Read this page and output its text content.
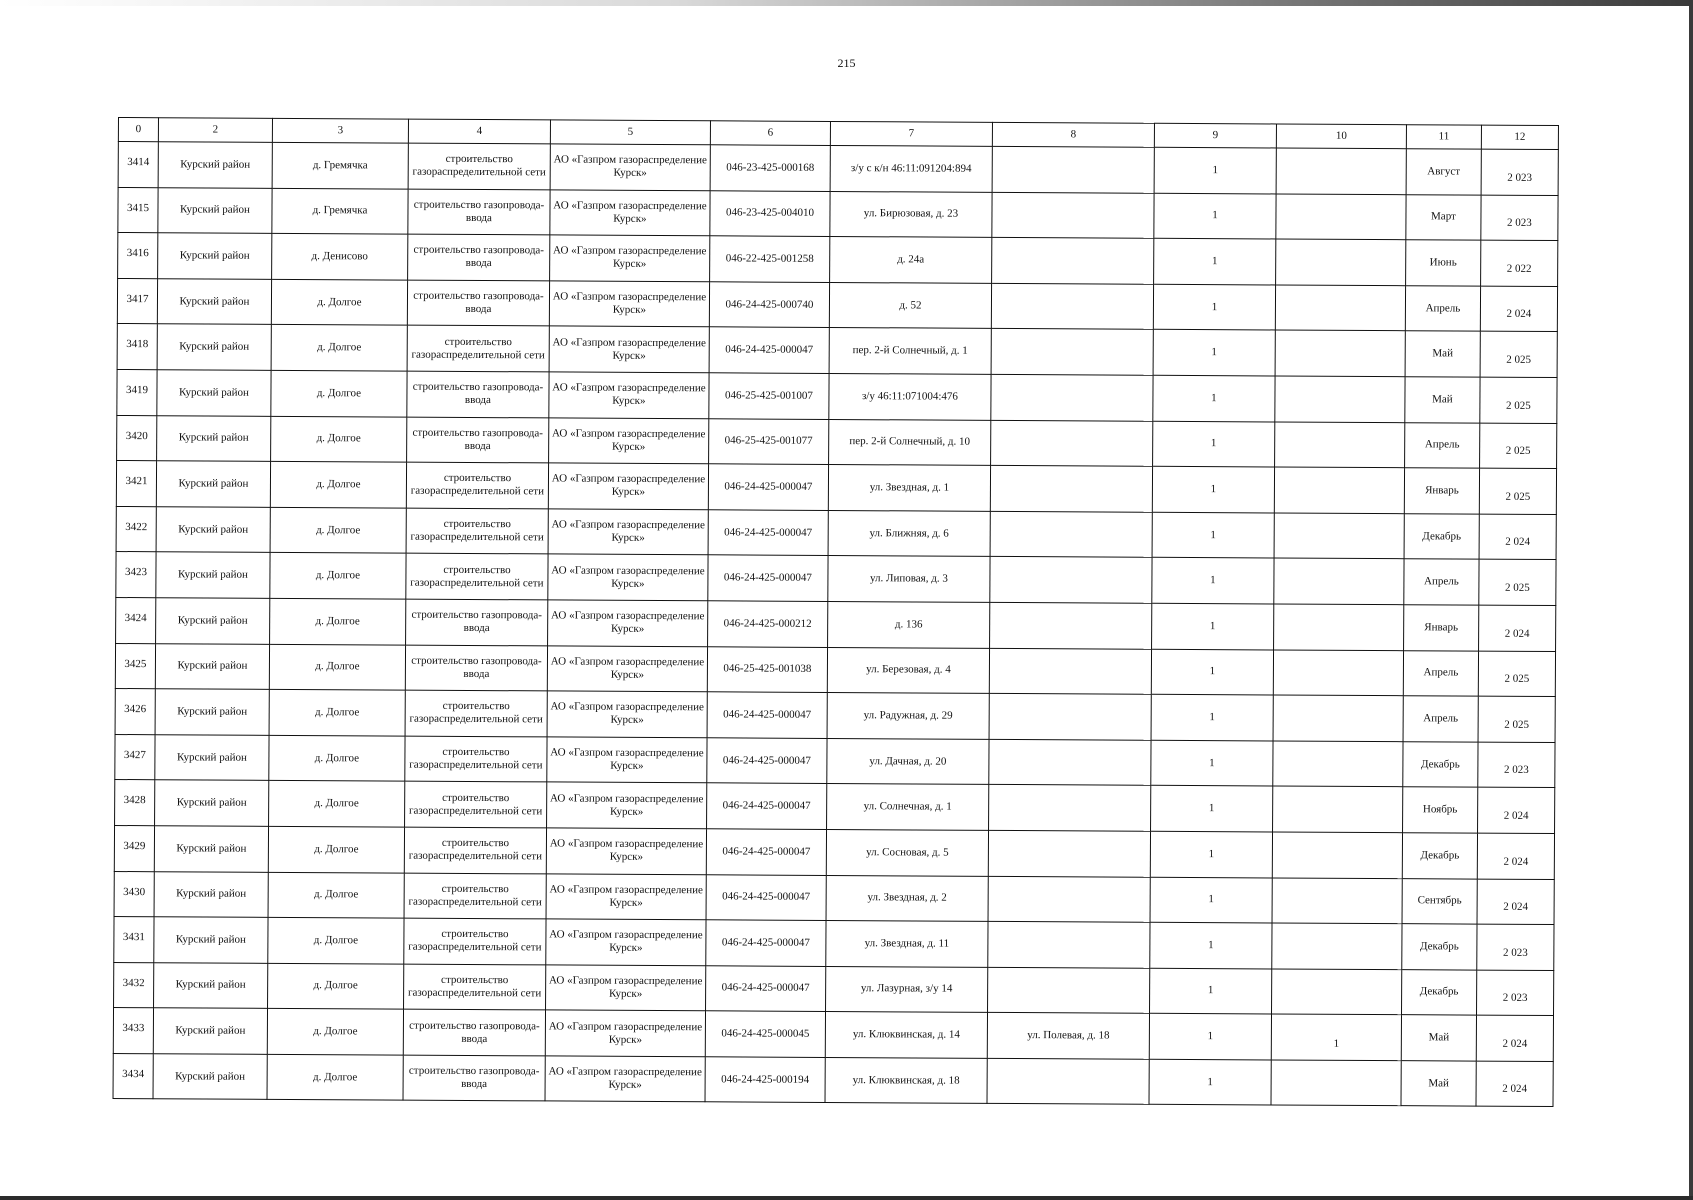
215
0	2	3	4	5	6	7	8	9	10	11	12
3414	Курский район	д. Гремячка	строительство газораспределительной сети	АО «Газпром газораспределение Курск»	046-23-425-000168	з/у с к/н 46:11:091204:894		1		Август	2 023
3415	Курский район	д. Гремячка	строительство газопровода-ввода	АО «Газпром газораспределение Курск»	046-23-425-004010	ул. Бирюзовая, д. 23		1		Март	2 023
3416	Курский район	д. Денисово	строительство газопровода-ввода	АО «Газпром газораспределение Курск»	046-22-425-001258	д. 24а		1		Июнь	2 022
3417	Курский район	д. Долгое	строительство газопровода-ввода	АО «Газпром газораспределение Курск»	046-24-425-000740	д. 52		1		Апрель	2 024
3418	Курский район	д. Долгое	строительство газораспределительной сети	АО «Газпром газораспределение Курск»	046-24-425-000047	пер. 2-й Солнечный, д. 1		1		Май	2 025
3419	Курский район	д. Долгое	строительство газопровода-ввода	АО «Газпром газораспределение Курск»	046-25-425-001007	з/у 46:11:071004:476		1		Май	2 025
3420	Курский район	д. Долгое	строительство газопровода-ввода	АО «Газпром газораспределение Курск»	046-25-425-001077	пер. 2-й Солнечный, д. 10		1		Апрель	2 025
3421	Курский район	д. Долгое	строительство газораспределительной сети	АО «Газпром газораспределение Курск»	046-24-425-000047	ул. Звездная, д. 1		1		Январь	2 025
3422	Курский район	д. Долгое	строительство газораспределительной сети	АО «Газпром газораспределение Курск»	046-24-425-000047	ул. Ближняя, д. 6		1		Декабрь	2 024
3423	Курский район	д. Долгое	строительство газораспределительной сети	АО «Газпром газораспределение Курск»	046-24-425-000047	ул. Липовая, д. 3		1		Апрель	2 025
3424	Курский район	д. Долгое	строительство газопровода-ввода	АО «Газпром газораспределение Курск»	046-24-425-000212	д. 136		1		Январь	2 024
3425	Курский район	д. Долгое	строительство газопровода-ввода	АО «Газпром газораспределение Курск»	046-25-425-001038	ул. Березовая, д. 4		1		Апрель	2 025
3426	Курский район	д. Долгое	строительство газораспределительной сети	АО «Газпром газораспределение Курск»	046-24-425-000047	ул. Радужная, д. 29		1		Апрель	2 025
3427	Курский район	д. Долгое	строительство газораспределительной сети	АО «Газпром газораспределение Курск»	046-24-425-000047	ул. Дачная, д. 20		1		Декабрь	2 023
3428	Курский район	д. Долгое	строительство газораспределительной сети	АО «Газпром газораспределение Курск»	046-24-425-000047	ул. Солнечная, д. 1		1		Ноябрь	2 024
3429	Курский район	д. Долгое	строительство газораспределительной сети	АО «Газпром газораспределение Курск»	046-24-425-000047	ул. Сосновая, д. 5		1		Декабрь	2 024
3430	Курский район	д. Долгое	строительство газораспределительной сети	АО «Газпром газораспределение Курск»	046-24-425-000047	ул. Звездная, д. 2		1		Сентябрь	2 024
3431	Курский район	д. Долгое	строительство газораспределительной сети	АО «Газпром газораспределение Курск»	046-24-425-000047	ул. Звездная, д. 11		1		Декабрь	2 023
3432	Курский район	д. Долгое	строительство газораспределительной сети	АО «Газпром газораспределение Курск»	046-24-425-000047	ул. Лазурная, з/у 14		1		Декабрь	2 023
3433	Курский район	д. Долгое	строительство газопровода-ввода	АО «Газпром газораспределение Курск»	046-24-425-000045	ул. Клюквинская, д. 14	ул. Полевая, д. 18	1	1	Май	2 024
3434	Курский район	д. Долгое	строительство газопровода-ввода	АО «Газпром газораспределение Курск»	046-24-425-000194	ул. Клюквинская, д. 18		1		Май	2 024
